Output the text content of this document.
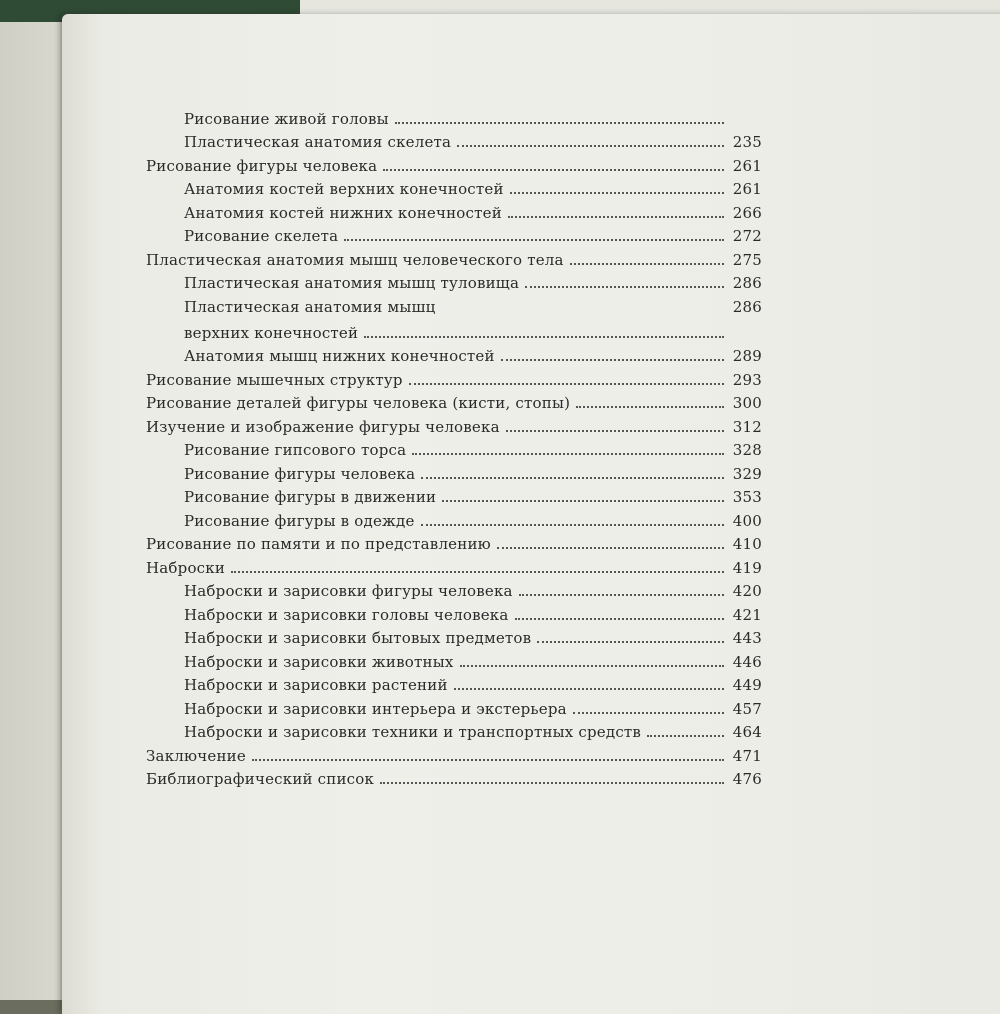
Рисование живой головы
Пластическая анатомия скелета	235
Рисование фигуры человека	261
Анатомия костей верхних конечностей	261
Анатомия костей нижних конечностей	266
Рисование скелета	272
Пластическая анатомия мышц человеческого тела	275
Пластическая анатомия мышц туловища	286
Пластическая анатомия мышц	286
верхних конечностей
Анатомия мышц нижних конечностей	289
Рисование мышечных структур	293
Рисование деталей фигуры человека (кисти, стопы)	300
Изучение и изображение фигуры человека	312
Рисование гипсового торса	328
Рисование фигуры человека	329
Рисование фигуры в движении	353
Рисование фигуры в одежде	400
Рисование по памяти и по представлению	410
Наброски	419
Наброски и зарисовки фигуры человека	420
Наброски и зарисовки головы человека	421
Наброски и зарисовки бытовых предметов	443
Наброски и зарисовки животных	446
Наброски и зарисовки растений	449
Наброски и зарисовки интерьера и экстерьера	457
Наброски и зарисовки техники и транспортных средств	464
Заключение	471
Библиографический список	476
